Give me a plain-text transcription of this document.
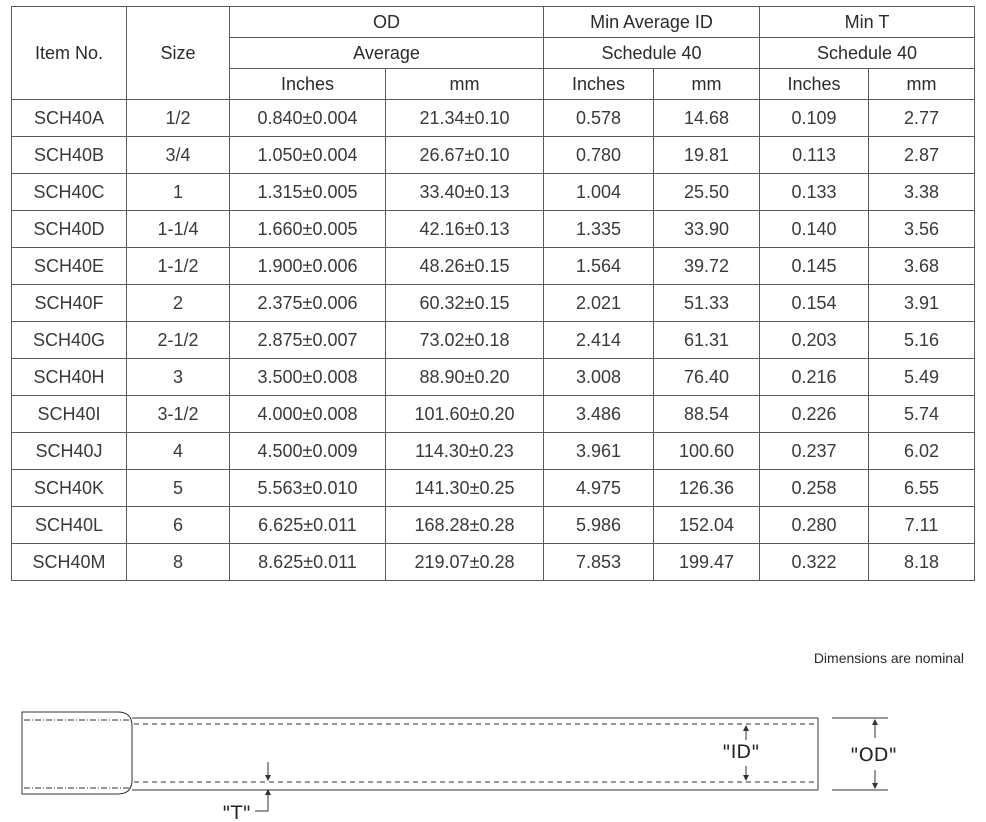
Item No.	Size	OD		Min Average ID		Min T	
		Average		Schedule 40		Schedule 40	
		Inches	mm	Inches	mm	Inches	mm
SCH40A	1/2	0.840±0.004	21.34±0.10	0.578	14.68	0.109	2.77
SCH40B	3/4	1.050±0.004	26.67±0.10	0.780	19.81	0.113	2.87
SCH40C	1	1.315±0.005	33.40±0.13	1.004	25.50	0.133	3.38
SCH40D	1-1/4	1.660±0.005	42.16±0.13	1.335	33.90	0.140	3.56
SCH40E	1-1/2	1.900±0.006	48.26±0.15	1.564	39.72	0.145	3.68
SCH40F	2	2.375±0.006	60.32±0.15	2.021	51.33	0.154	3.91
SCH40G	2-1/2	2.875±0.007	73.02±0.18	2.414	61.31	0.203	5.16
SCH40H	3	3.500±0.008	88.90±0.20	3.008	76.40	0.216	5.49
SCH40I	3-1/2	4.000±0.008	101.60±0.20	3.486	88.54	0.226	5.74
SCH40J	4	4.500±0.009	114.30±0.23	3.961	100.60	0.237	6.02
SCH40K	5	5.563±0.010	141.30±0.25	4.975	126.36	0.258	6.55
SCH40L	6	6.625±0.011	168.28±0.28	5.986	152.04	0.280	7.11
SCH40M	8	8.625±0.011	219.07±0.28	7.853	199.47	0.322	8.18
Dimensions are nominal
"ID"	"OD"
"T"
